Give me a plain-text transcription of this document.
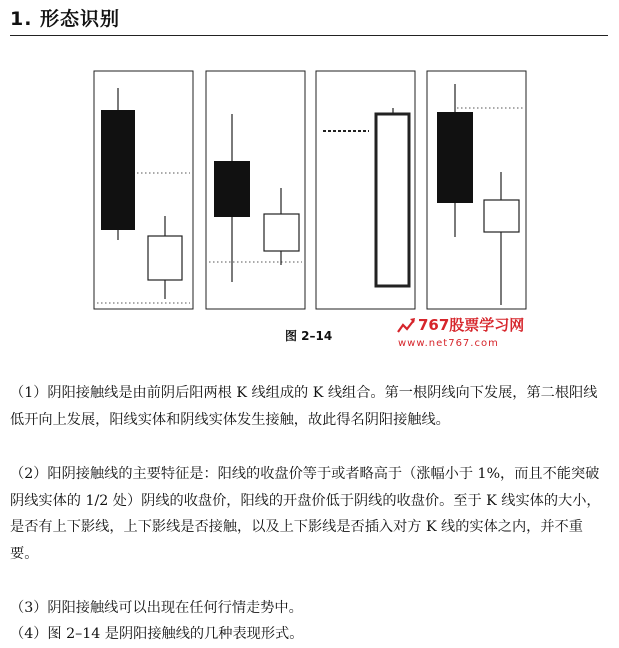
1. 形态识别
图 2–14
767股票学习网
www.net767.com

（1）阴阳接触线是由前阴后阳两根 K 线组成的 K 线组合。第一根阴线向下发展，第二根阳线低开向上发展，阳线实体和阴线实体发生接触，故此得名阴阳接触线。

（2）阳阴接触线的主要特征是：阳线的收盘价等于或者略高于（涨幅小于 1%，而且不能突破阴线实体的 1/2 处）阴线的收盘价，阳线的开盘价低于阴线的收盘价。至于 K 线实体的大小，是否有上下影线，上下影线是否接触，以及上下影线是否插入对方 K 线的实体之内，并不重要。

（3）阴阳接触线可以出现在任何行情走势中。

（4）图 2–14 是阴阳接触线的几种表现形式。
